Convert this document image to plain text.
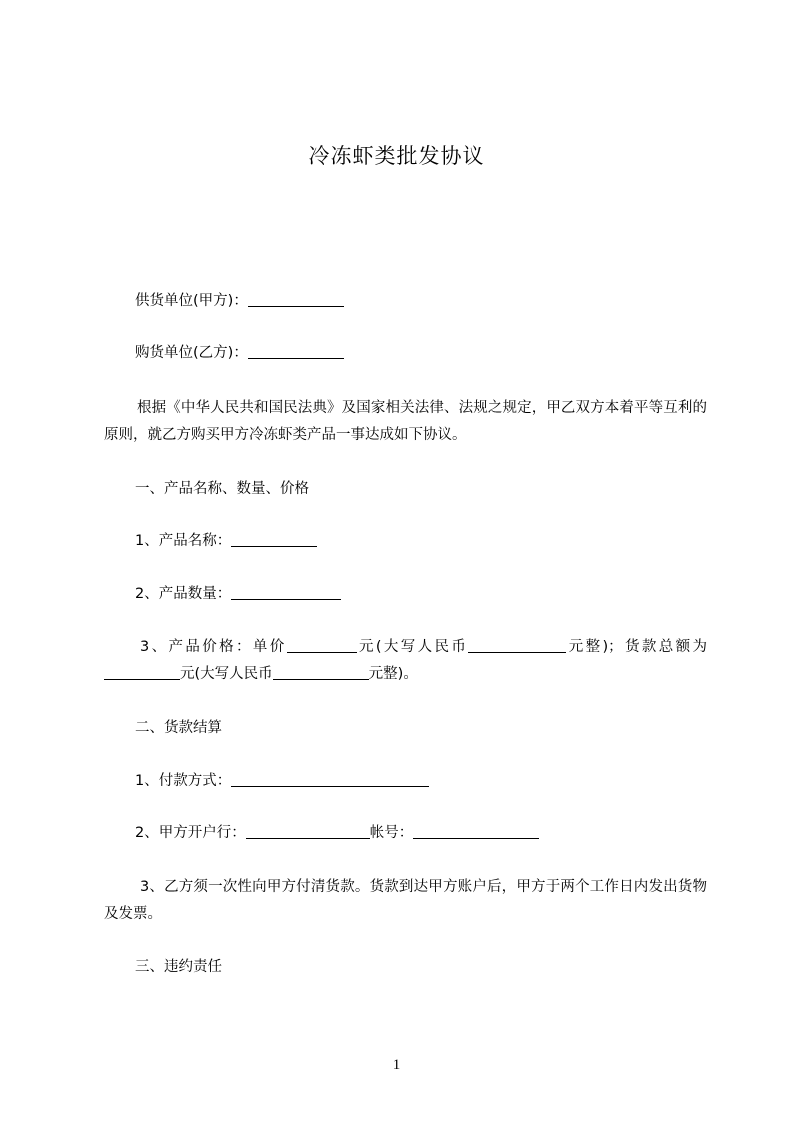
冷冻虾类批发协议
供货单位(甲方)：
购货单位(乙方)：
根据《中华人民共和国民法典》及国家相关法律、法规之规定，甲乙双方本着平等互利的原则，就乙方购买甲方冷冻虾类产品一事达成如下协议。
一、产品名称、数量、价格
1、产品名称：
2、产品数量：
3、产品价格：单价	元(大写人民币	元整)；货款总额为元(大写人民币	元整)。
二、货款结算
1、付款方式：
2、甲方开户行：	帐号：
3、乙方须一次性向甲方付清货款。货款到达甲方账户后，甲方于两个工作日内发出货物及发票。
三、违约责任
1
